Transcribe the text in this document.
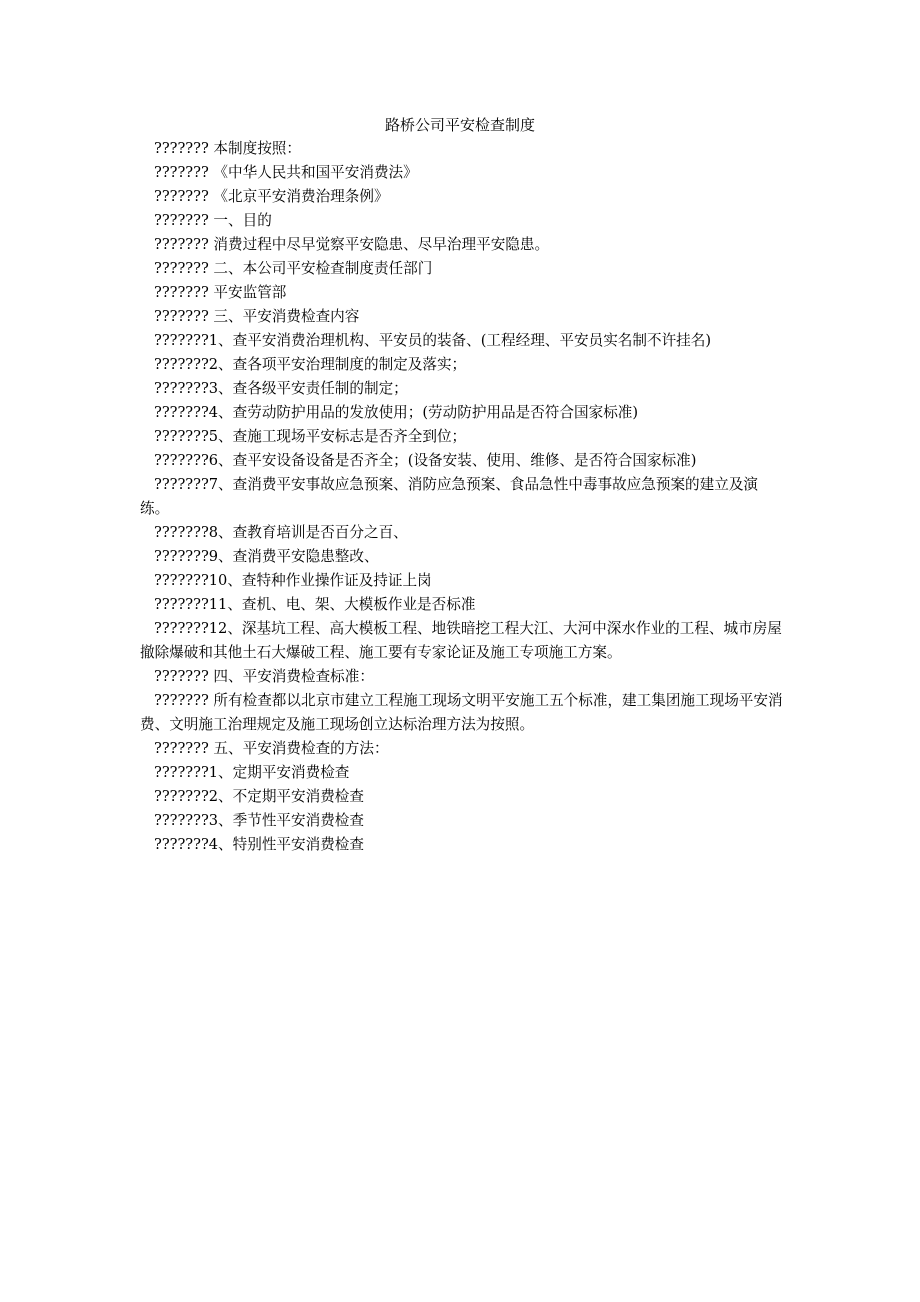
路桥公司平安检查制度

??????? 本制度按照：

??????? 《中华人民共和国平安消费法》

??????? 《北京平安消费治理条例》

??????? 一、目的

??????? 消费过程中尽早觉察平安隐患、尽早治理平安隐患。

??????? 二、本公司平安检查制度责任部门

??????? 平安监管部

??????? 三、平安消费检查内容

???????1、查平安消费治理机构、平安员的装备、(工程经理、平安员实名制不许挂名)

???????2、查各项平安治理制度的制定及落实；

???????3、查各级平安责任制的制定；

???????4、查劳动防护用品的发放使用；(劳动防护用品是否符合国家标准)

???????5、查施工现场平安标志是否齐全到位；

???????6、查平安设备设备是否齐全；(设备安装、使用、维修、是否符合国家标准)

???????7、查消费平安事故应急预案、消防应急预案、食品急性中毒事故应急预案的建立及演练。

???????8、查教育培训是否百分之百、

???????9、查消费平安隐患整改、

???????10、查特种作业操作证及持证上岗

???????11、查机、电、架、大模板作业是否标准

???????12、深基坑工程、高大模板工程、地铁暗挖工程大江、大河中深水作业的工程、城市房屋撤除爆破和其他土石大爆破工程、施工要有专家论证及施工专项施工方案。

??????? 四、平安消费检查标准：

??????? 所有检查都以北京市建立工程施工现场文明平安施工五个标准，建工集团施工现场平安消费、文明施工治理规定及施工现场创立达标治理方法为按照。

??????? 五、平安消费检查的方法：

???????1、定期平安消费检查

???????2、不定期平安消费检查

???????3、季节性平安消费检查

???????4、特别性平安消费检查
